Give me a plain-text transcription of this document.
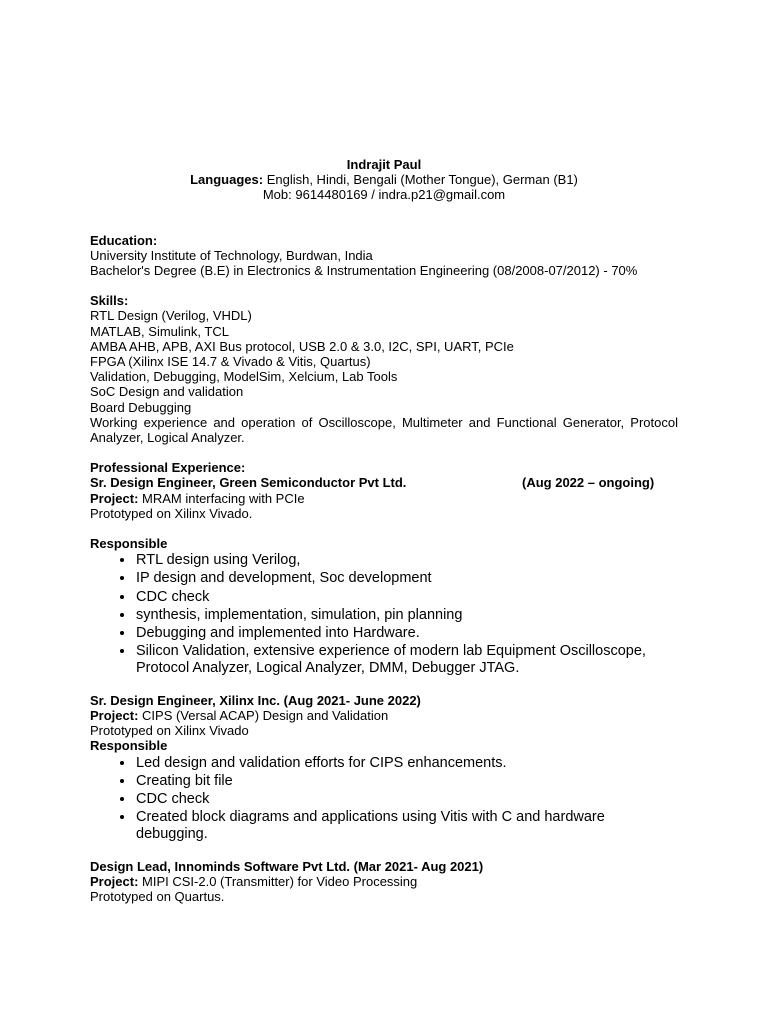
Indrajit Paul
Languages: English, Hindi, Bengali (Mother Tongue), German (B1)
Mob: 9614480169 / indra.p21@gmail.com
Education:
University Institute of Technology, Burdwan, India
Bachelor's Degree (B.E) in Electronics & Instrumentation Engineering (08/2008-07/2012) - 70%
Skills:
RTL Design (Verilog, VHDL)
MATLAB, Simulink, TCL
AMBA AHB, APB, AXI Bus protocol, USB 2.0 & 3.0, I2C, SPI, UART, PCIe
FPGA (Xilinx ISE 14.7 & Vivado & Vitis, Quartus)
Validation, Debugging, ModelSim, Xelcium, Lab Tools
SoC Design and validation
Board Debugging
Working experience and operation of Oscilloscope, Multimeter and Functional Generator, Protocol Analyzer, Logical Analyzer.
Professional Experience:
Sr. Design Engineer, Green Semiconductor Pvt Ltd.	(Aug 2022 – ongoing)
Project: MRAM interfacing with PCIe
Prototyped on Xilinx Vivado.
Responsible
• RTL design using Verilog,
• IP design and development, Soc development
• CDC check
• synthesis, implementation, simulation, pin planning
• Debugging and implemented into Hardware.
• Silicon Validation, extensive experience of modern lab Equipment Oscilloscope, Protocol Analyzer, Logical Analyzer, DMM, Debugger JTAG.
Sr. Design Engineer, Xilinx Inc. (Aug 2021- June 2022)
Project: CIPS (Versal ACAP) Design and Validation
Prototyped on Xilinx Vivado
Responsible
• Led design and validation efforts for CIPS enhancements.
• Creating bit file
• CDC check
• Created block diagrams and applications using Vitis with C and hardware debugging.
Design Lead, Innominds Software Pvt Ltd. (Mar 2021- Aug 2021)
Project: MIPI CSI-2.0 (Transmitter) for Video Processing
Prototyped on Quartus.
